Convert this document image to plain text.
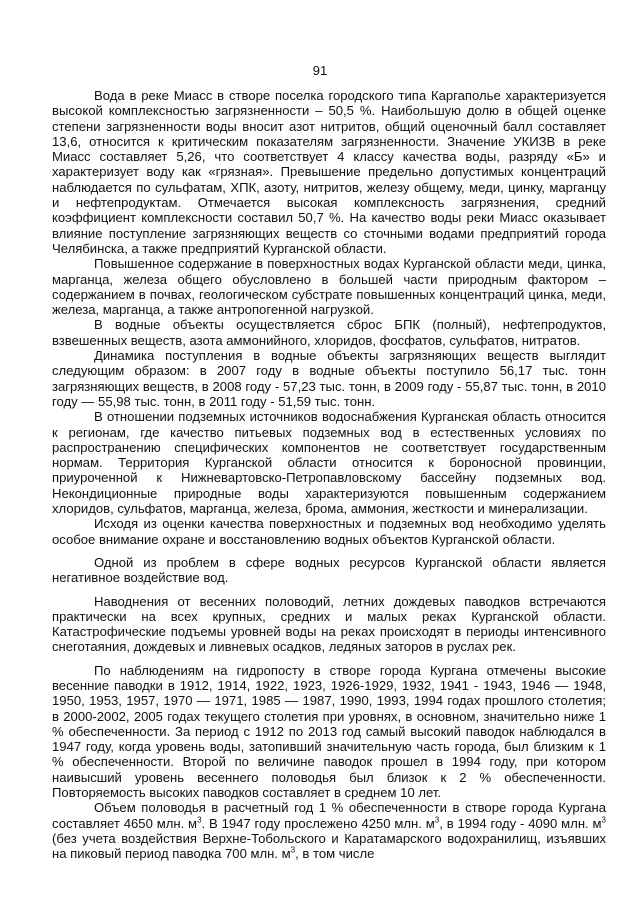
91

Вода в реке Миасс в створе поселка городского типа Каргаполье характеризуется высокой комплексностью загрязненности – 50,5 %. Наибольшую долю в общей оценке степени загрязненности воды вносит азот нитритов, общий оценочный балл составляет 13,6, относится к критическим показателям загрязненности. Значение УКИЗВ в реке Миасс составляет 5,26, что соответствует 4 классу качества воды, разряду «Б» и характеризует воду как «грязная». Превышение предельно допустимых концентраций наблюдается по сульфатам, ХПК, азоту, нитритов, железу общему, меди, цинку, марганцу и нефтепродуктам. Отмечается высокая комплексность загрязнения, средний коэффициент комплексности составил 50,7 %. На качество воды реки Миасс оказывает влияние поступление загрязняющих веществ со сточными водами предприятий города Челябинска, а также предприятий Курганской области.

Повышенное содержание в поверхностных водах Курганской области меди, цинка, марганца, железа общего обусловлено в большей части природным фактором – содержанием в почвах, геологическом субстрате повышенных концентраций цинка, меди, железа, марганца, а также антропогенной нагрузкой.

В водные объекты осуществляется сброс БПК (полный), нефтепродуктов, взвешенных веществ, азота аммонийного, хлоридов, фосфатов, сульфатов, нитратов.

Динамика поступления в водные объекты загрязняющих веществ выглядит следующим образом: в 2007 году в водные объекты поступило 56,17 тыс. тонн загрязняющих веществ, в 2008 году - 57,23 тыс. тонн, в 2009 году - 55,87 тыс. тонн, в 2010 году — 55,98 тыс. тонн, в 2011 году - 51,59 тыс. тонн.

В отношении подземных источников водоснабжения Курганская область относится к регионам, где качество питьевых подземных вод в естественных условиях по распространению специфических компонентов не соответствует государственным нормам. Территория Курганской области относится к бороносной провинции, приуроченной к Нижневартовско-Петропавловскому бассейну подземных вод. Некондиционные природные воды характеризуются повышенным содержанием хлоридов, сульфатов, марганца, железа, брома, аммония, жесткости и минерализации.

Исходя из оценки качества поверхностных и подземных вод необходимо уделять особое внимание охране и восстановлению водных объектов Курганской области.

Одной из проблем в сфере водных ресурсов Курганской области является негативное воздействие вод.

Наводнения от весенних половодий, летних дождевых паводков встречаются практически на всех крупных, средних и малых реках Курганской области. Катастрофические подъемы уровней воды на реках происходят в периоды интенсивного снеготаяния, дождевых и ливневых осадков, ледяных заторов в руслах рек.

По наблюдениям на гидропосту в створе города Кургана отмечены высокие весенние паводки в 1912, 1914, 1922, 1923, 1926-1929, 1932, 1941 - 1943, 1946 — 1948, 1950, 1953, 1957, 1970 — 1971, 1985 — 1987, 1990, 1993, 1994 годах прошлого столетия; в 2000-2002, 2005 годах текущего столетия при уровнях, в основном, значительно ниже 1 % обеспеченности. За период с 1912 по 2013 год самый высокий паводок наблюдался в 1947 году, когда уровень воды, затопивший значительную часть города, был близким к 1 % обеспеченности. Второй по величине паводок прошел в 1994 году, при котором наивысший уровень весеннего половодья был близок к 2 % обеспеченности. Повторяемость высоких паводков составляет в среднем 10 лет.

Объем половодья в расчетный год 1 % обеспеченности в створе города Кургана составляет 4650 млн. $м^3$. В 1947 году прослежено 4250 млн. $м^3$, в 1994 году - 4090 млн. $м^3$ (без учета воздействия Верхне-Тобольского и Каратамарского водохранилищ, изъявших на пиковый период паводка 700 млн. $м^3$, в том числе
